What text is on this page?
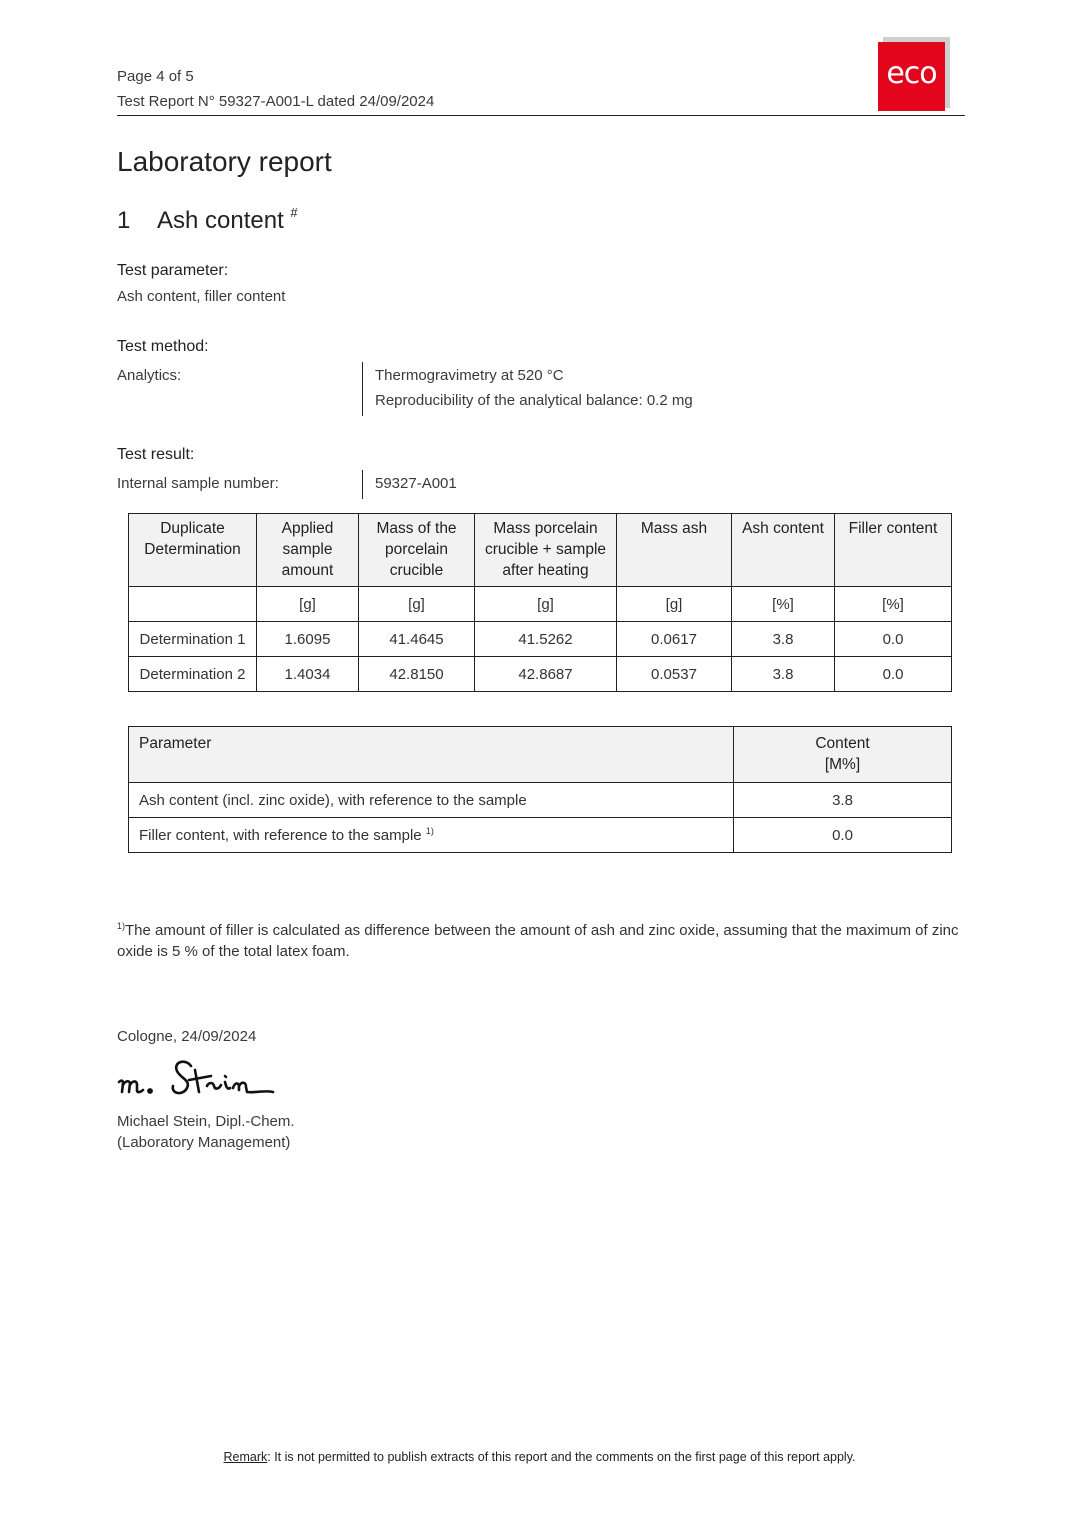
Page 4 of 5
Test Report N° 59327-A001-L dated 24/09/2024
eco
Laboratory report
1 Ash content #
Test parameter:
Ash content, filler content
Test method:
Analytics:	Thermogravimetry at 520 °C
Reproducibility of the analytical balance: 0.2 mg
Test result:
Internal sample number:	59327-A001
Duplicate Determination	Applied sample amount	Mass of the porcelain crucible	Mass porcelain crucible + sample after heating	Mass ash	Ash content	Filler content
	[g]	[g]	[g]	[g]	[%]	[%]
Determination 1	1.6095	41.4645	41.5262	0.0617	3.8	0.0
Determination 2	1.4034	42.8150	42.8687	0.0537	3.8	0.0
Parameter	Content
[M%]

Ash content (incl. zinc oxide), with reference to the sample	3.8
Filler content, with reference to the sample $^{1)}$	0.0
$^{1)}$The amount of filler is calculated as difference between the amount of ash and zinc oxide, assuming that the maximum of zinc oxide is 5 % of the total latex foam.
Cologne, 24/09/2024
Michael Stein, Dipl.-Chem.
(Laboratory Management)
Remark: It is not permitted to publish extracts of this report and the comments on the first page of this report apply.
